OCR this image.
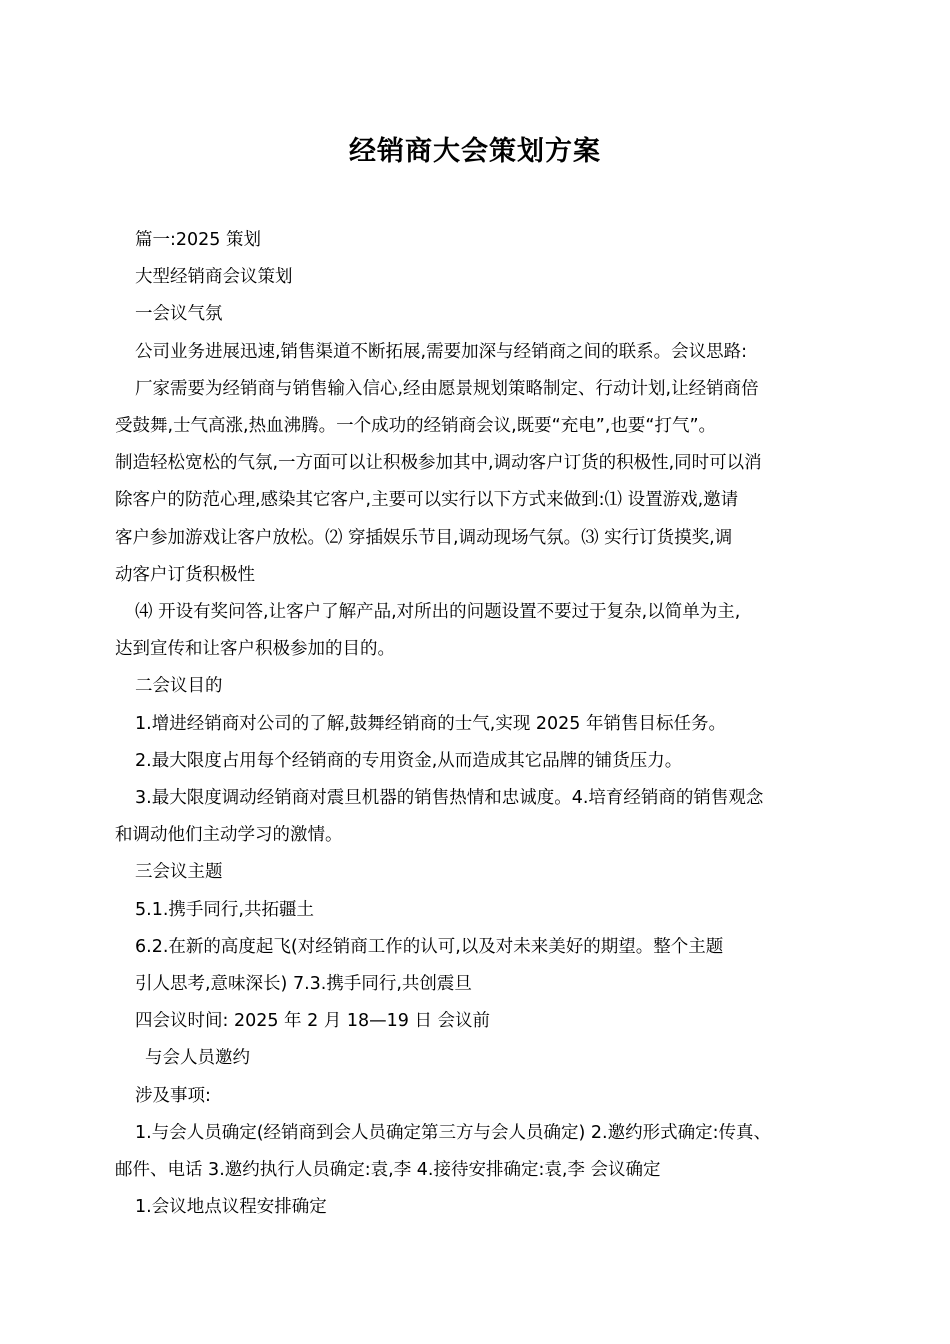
经销商大会策划方案

篇一:2025 策划

大型经销商会议策划

一会议气氛

公司业务进展迅速,销售渠道不断拓展,需要加深与经销商之间的联系。会议思路:

厂家需要为经销商与销售输入信心,经由愿景规划策略制定、行动计划,让经销商倍

受鼓舞,士气高涨,热血沸腾。一个成功的经销商会议,既要“充电”,也要“打气”。

制造轻松宽松的气氛,一方面可以让积极参加其中,调动客户订货的积极性,同时可以消

除客户的防范心理,感染其它客户,主要可以实行以下方式来做到:⑴ 设置游戏,邀请

客户参加游戏让客户放松。⑵ 穿插娱乐节目,调动现场气氛。⑶ 实行订货摸奖,调

动客户订货积极性

⑷ 开设有奖问答,让客户了解产品,对所出的问题设置不要过于复杂,以简单为主,

达到宣传和让客户积极参加的目的。

二会议目的

1.增进经销商对公司的了解,鼓舞经销商的士气,实现 2025 年销售目标任务。

2.最大限度占用每个经销商的专用资金,从而造成其它品牌的铺货压力。

3.最大限度调动经销商对震旦机器的销售热情和忠诚度。4.培育经销商的销售观念

和调动他们主动学习的激情。

三会议主题

5.1.携手同行,共拓疆土

6.2.在新的高度起飞(对经销商工作的认可,以及对未来美好的期望。整个主题

引人思考,意味深长) 7.3.携手同行,共创震旦

四会议时间: 2025 年 2 月 18—19 日 会议前

与会人员邀约

涉及事项:

1.与会人员确定(经销商到会人员确定第三方与会人员确定) 2.邀约形式确定:传真、

邮件、电话 3.邀约执行人员确定:袁,李 4.接待安排确定:袁,李 会议确定

1.会议地点议程安排确定
